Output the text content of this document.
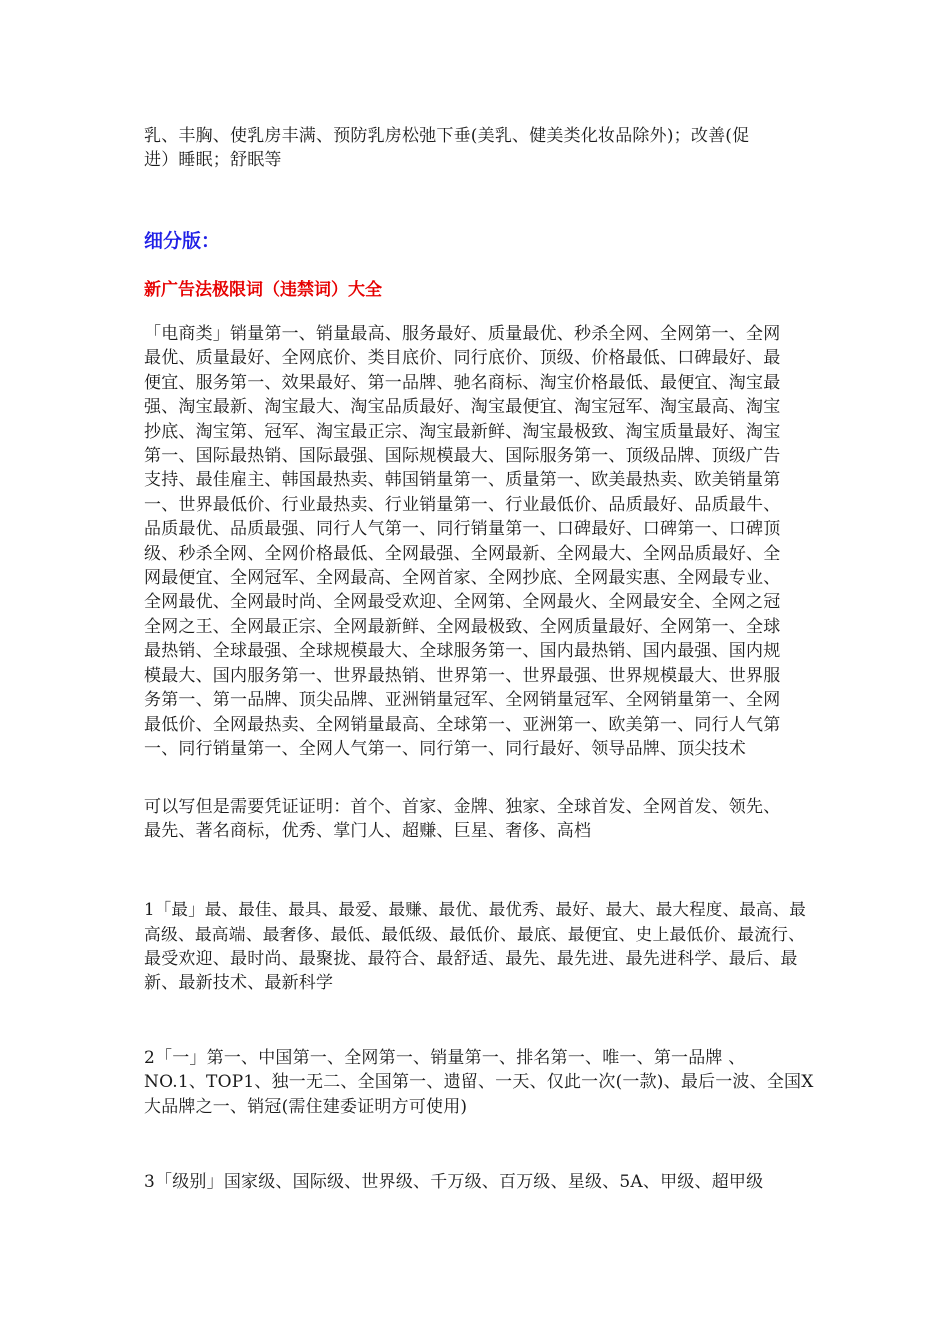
乳、丰胸、使乳房丰满、预防乳房松弛下垂(美乳、健美类化妆品除外)；改善(促
进）睡眠；舒眠等
细分版：
新广告法极限词（违禁词）大全
「电商类」销量第一、销量最高、服务最好、质量最优、秒杀全网、全网第一、全网
最优、质量最好、全网底价、类目底价、同行底价、顶级、价格最低、口碑最好、最
便宜、服务第一、效果最好、第一品牌、驰名商标、淘宝价格最低、最便宜、淘宝最
强、淘宝最新、淘宝最大、淘宝品质最好、淘宝最便宜、淘宝冠军、淘宝最高、淘宝
抄底、淘宝第、冠军、淘宝最正宗、淘宝最新鲜、淘宝最极致、淘宝质量最好、淘宝
第一、国际最热销、国际最强、国际规模最大、国际服务第一、顶级品牌、顶级广告
支持、最佳雇主、韩国最热卖、韩国销量第一、质量第一、欧美最热卖、欧美销量第
一、世界最低价、行业最热卖、行业销量第一、行业最低价、品质最好、品质最牛、
品质最优、品质最强、同行人气第一、同行销量第一、口碑最好、口碑第一、口碑顶
级、秒杀全网、全网价格最低、全网最强、全网最新、全网最大、全网品质最好、全
网最便宜、全网冠军、全网最高、全网首家、全网抄底、全网最实惠、全网最专业、
全网最优、全网最时尚、全网最受欢迎、全网第、全网最火、全网最安全、全网之冠
全网之王、全网最正宗、全网最新鲜、全网最极致、全网质量最好、全网第一、全球
最热销、全球最强、全球规模最大、全球服务第一、国内最热销、国内最强、国内规
模最大、国内服务第一、世界最热销、世界第一、世界最强、世界规模最大、世界服
务第一、第一品牌、顶尖品牌、亚洲销量冠军、全网销量冠军、全网销量第一、全网
最低价、全网最热卖、全网销量最高、全球第一、亚洲第一、欧美第一、同行人气第
一、同行销量第一、全网人气第一、同行第一、同行最好、领导品牌、顶尖技术
可以写但是需要凭证证明：首个、首家、金牌、独家、全球首发、全网首发、领先、
最先、著名商标，优秀、掌门人、超赚、巨星、奢侈、高档
1「最」最、最佳、最具、最爱、最赚、最优、最优秀、最好、最大、最大程度、最高、最
高级、最高端、最奢侈、最低、最低级、最低价、最底、最便宜、史上最低价、最流行、
最受欢迎、最时尚、最聚拢、最符合、最舒适、最先、最先进、最先进科学、最后、最
新、最新技术、最新科学
2「一」第一、中国第一、全网第一、销量第一、排名第一、唯一、第一品牌 、
NO.1、TOP1、独一无二、全国第一、遗留、一天、仅此一次(一款)、最后一波、全国X
大品牌之一、销冠(需住建委证明方可使用)
3「级别」国家级、国际级、世界级、千万级、百万级、星级、5A、甲级、超甲级
